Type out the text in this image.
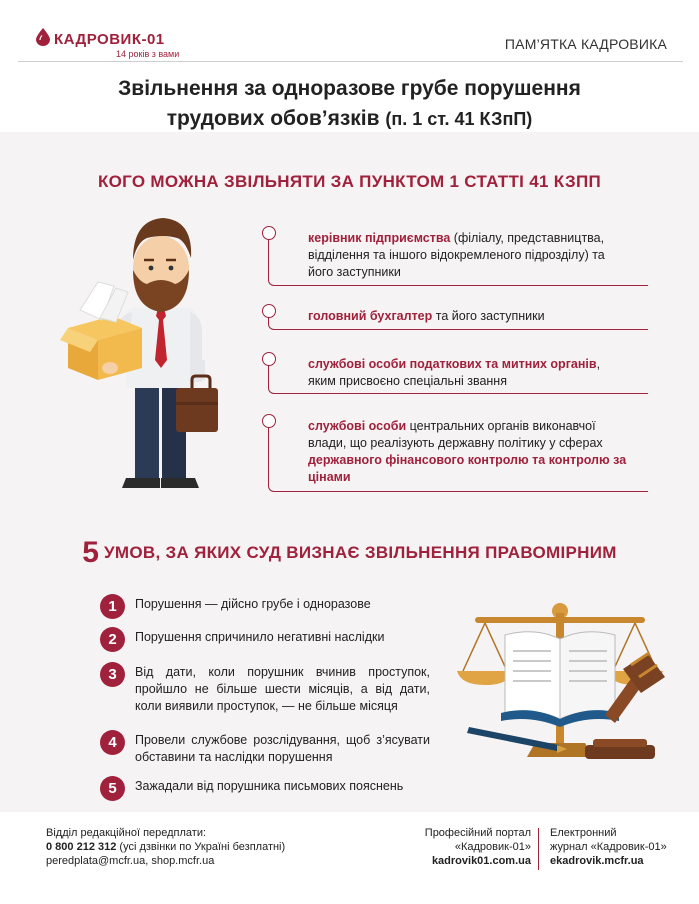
КАДРОВИК-01
14 років з вами
ПАМ’ЯТКА КАДРОВИКА
Звільнення за одноразове грубе порушення
трудових обов’язків (п. 1 ст. 41 КЗпП)
КОГО МОЖНА ЗВІЛЬНЯТИ ЗА ПУНКТОМ 1 СТАТТІ 41 КЗПП
керівник підприємства (філіалу, представництва, відділення та іншого відокремленого підрозділу) та його заступники
головний бухгалтер та його заступники
службові особи податкових та митних органів, яким присвоєно спеціальні звання
службові особи центральних органів виконавчої влади, що реалізують державну політику у сферах державного фінансового контролю та контролю за цінами
5 УМОВ, ЗА ЯКИХ СУД ВИЗНАЄ ЗВІЛЬНЕННЯ ПРАВОМІРНИМ
1	Порушення — дійсно грубе і одноразове
2	Порушення спричинило негативні наслідки
3	Від дати, коли порушник вчинив проступок, пройшло не більше шести місяців, а від дати, коли виявили проступок, — не більше місяця
4	Провели службове розслідування, щоб з’ясувати обставини та наслідки порушення
5	Зажадали від порушника письмових пояснень
Відділ редакційної передплати:
0 800 212 312 (усі дзвінки по Україні безплатні)
peredplata@mcfr.ua, shop.mcfr.ua
Професійний портал
«Кадровик-01»
kadrovik01.com.ua
Електронний
журнал «Кадровик-01»
ekadrovik.mcfr.ua
